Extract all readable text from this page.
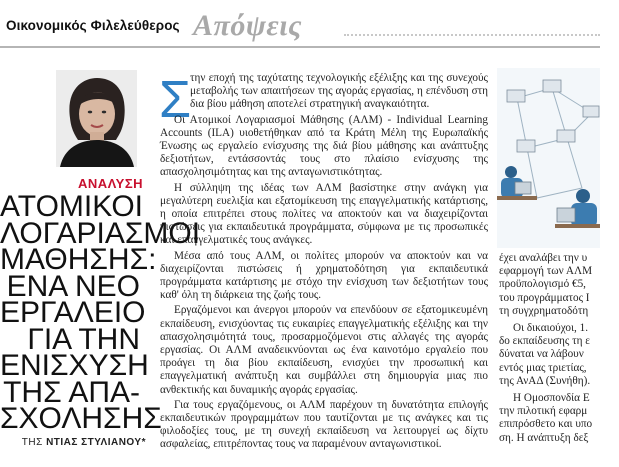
Οικονομικός Φιλελεύθερος Απόψεις
ΑΝΑΛΥΣΗ
ΑΤΟΜΙΚΟΙ
ΛΟΓΑΡΙΑΣΜΟΙ
ΜΑΘΗΣΗΣ:
ΕΝΑ ΝΕΟ
ΕΡΓΑΛΕΙΟ
ΓΙΑ ΤΗΝ
ΕΝΙΣΧΥΣΗ
ΤΗΣ ΑΠΑ-
ΣΧΟΛΗΣΗΣ
ΤΗΣ ΝΤΙΑΣ ΣΤΥΛΙΑΝΟΥ*
Σ

την εποχή της ταχύτατης τεχνολογικής εξέλιξης και της συνεχούς μεταβολής των απαιτήσεων της αγοράς εργασίας, η επένδυση στη δια βίου μάθηση αποτελεί στρατηγική αναγκαιότητα.

Οι Ατομικοί Λογαριασμοί Μάθησης (ΑΛΜ) - Individual Learning Accounts (ILA) υιοθετήθηκαν από τα Κράτη Μέλη της Ευρωπαϊκής Ένωσης ως εργαλείο ενίσχυσης της διά βίου μάθησης και ανάπτυξης δεξιοτήτων, εντάσσοντάς τους στο πλαίσιο ενίσχυσης της απασχολησιμότητας και της ανταγωνιστικότητας.

Η σύλληψη της ιδέας των ΑΛΜ βασίστηκε στην ανάγκη για μεγαλύτερη ευελιξία και εξατομίκευση της επαγγελματικής κατάρτισης, η οποία επιτρέπει στους πολίτες να αποκτούν και να διαχειρίζονται πιστώσεις για εκπαιδευτικά προγράμματα, σύμφωνα με τις προσωπικές και επαγγελματικές τους ανάγκες.

Μέσα από τους ΑΛΜ, οι πολίτες μπορούν να αποκτούν και να διαχειρίζονται πιστώσεις ή χρηματοδότηση για εκπαιδευτικά προγράμματα κατάρτισης με στόχο την ενίσχυση των δεξιοτήτων τους καθ' όλη τη διάρκεια της ζωής τους.

Εργαζόμενοι και άνεργοι μπορούν να επενδύουν σε εξατομικευμένη εκπαίδευση, ενισχύοντας τις ευκαιρίες επαγγελματικής εξέλιξης και την απασχολησιμότητά τους, προσαρμοζόμενοι στις αλλαγές της αγοράς εργασίας. Οι ΑΛΜ αναδεικνύονται ως ένα καινοτόμο εργαλείο που προάγει τη δια βίου εκπαίδευση, ενισχύει την προσωπική και επαγγελματική ανάπτυξη και συμβάλλει στη δημιουργία μιας πιο ανθεκτικής και δυναμικής αγοράς εργασίας.

Για τους εργαζόμενους, οι ΑΛΜ παρέχουν τη δυνατότητα επιλογής εκπαιδευτικών προγραμμάτων που ταυτίζονται με τις ανάγκες και τις φιλοδοξίες τους, με τη συνεχή εκπαίδευση να λειτουργεί ως δίχτυ ασφαλείας, επιτρέποντας τους να παραμένουν ανταγωνιστικοί.

έχει αναλάβει την υ

εφαρμογή των ΑΛΜ

προϋπολογισμό €5,

του προγράμματος Ι

τη συγχρηματοδότη

Οι δικαιούχοι, 1.

δο εκπαίδευσης τη ε

δύναται να λάβουν

εντός μιας τριετίας,

της ΑνΑΔ (Συνήθη).

Η Ομοσπονδία Ε

την πιλοτική εφαρμ

επιπρόσθετο και υπο

ση. Η ανάπτυξη δεξ
